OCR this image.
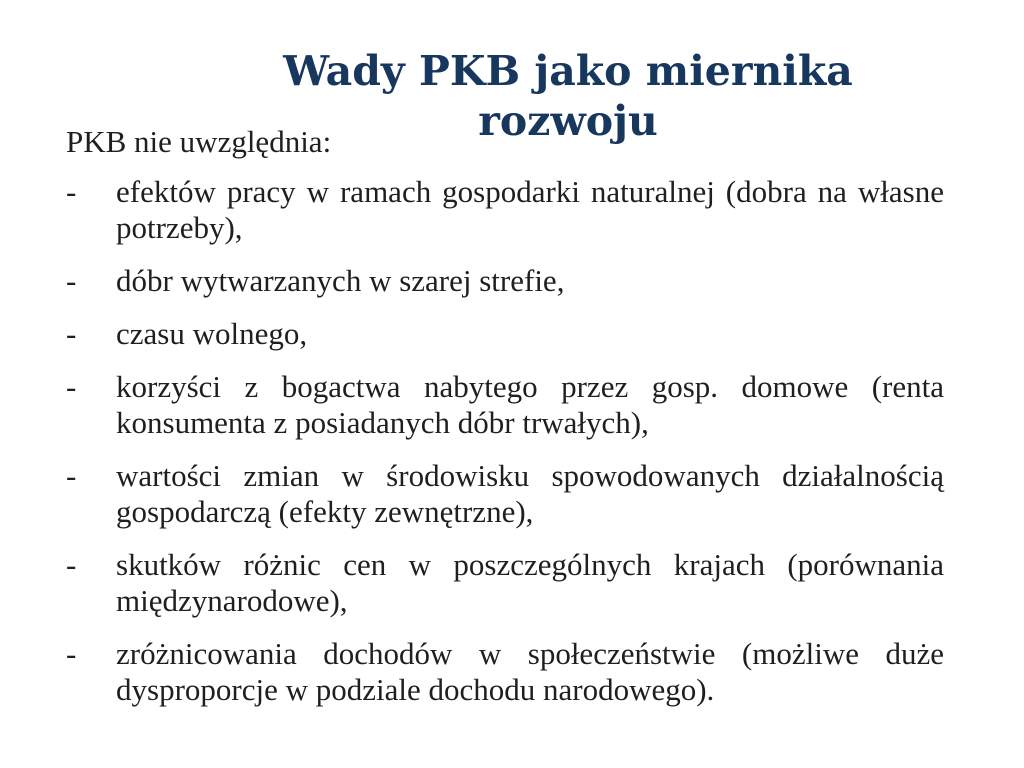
Wady PKB jako miernika rozwoju

PKB nie uwzględnia:

- efektów pracy w ramach gospodarki naturalnej (dobra na własne potrzeby),
- dóbr wytwarzanych w szarej strefie,
- czasu wolnego,
- korzyści z bogactwa nabytego przez gosp. domowe (renta konsumenta z posiadanych dóbr trwałych),
- wartości zmian w środowisku spowodowanych działalnością gospodarczą (efekty zewnętrzne),
- skutków różnic cen w poszczególnych krajach (porównania międzynarodowe),
- zróżnicowania dochodów w społeczeństwie (możliwe duże dysproporcje w podziale dochodu narodowego).
